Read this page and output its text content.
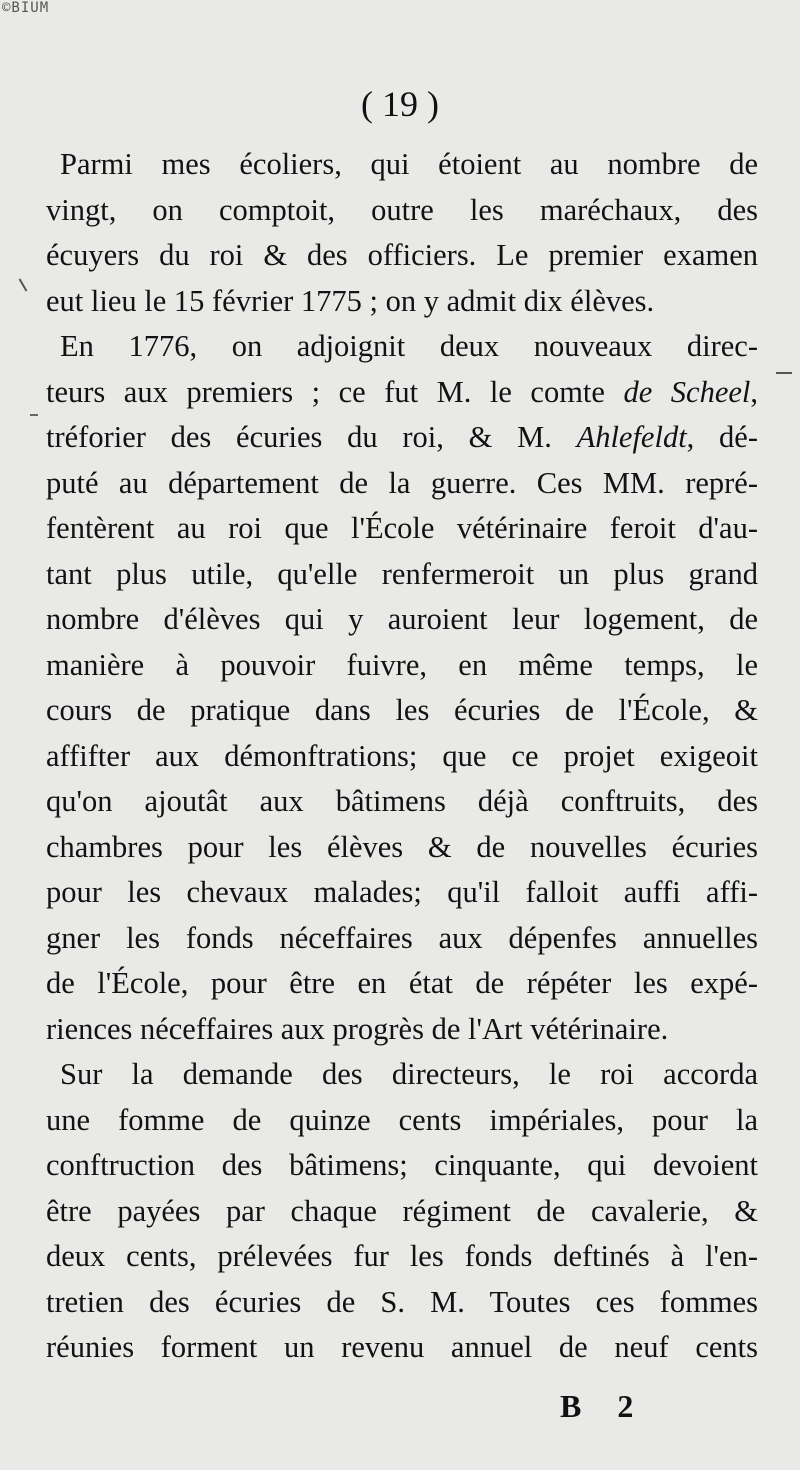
©BIUM
( 19 )
Parmi mes écoliers, qui étoient au nombre de
vingt, on comptoit, outre les maréchaux, des
écuyers du roi & des officiers. Le premier examen
eut lieu le 15 février 1775 ; on y admit dix élèves.
En 1776, on adjoignit deux nouveaux direc-
teurs aux premiers ; ce fut M. le comte de Scheel,
tréforier des écuries du roi, & M. Ahlefeldt, dé-
puté au département de la guerre. Ces MM. repré-
fentèrent au roi que l'École vétérinaire feroit d'au-
tant plus utile, qu'elle renfermeroit un plus grand
nombre d'élèves qui y auroient leur logement, de
manière à pouvoir fuivre, en même temps, le
cours de pratique dans les écuries de l'École, &
affifter aux démonftrations; que ce projet exigeoit
qu'on ajoutât aux bâtimens déjà conftruits, des
chambres pour les élèves & de nouvelles écuries
pour les chevaux malades; qu'il falloit auffi affi-
gner les fonds néceffaires aux dépenfes annuelles
de l'École, pour être en état de répéter les expé-
riences néceffaires aux progrès de l'Art vétérinaire.
Sur la demande des directeurs, le roi accorda
une fomme de quinze cents impériales, pour la
conftruction des bâtimens; cinquante, qui devoient
être payées par chaque régiment de cavalerie, &
deux cents, prélevées fur les fonds deftinés à l'en-
tretien des écuries de S. M. Toutes ces fommes
réunies forment un revenu annuel de neuf cents
B 2
